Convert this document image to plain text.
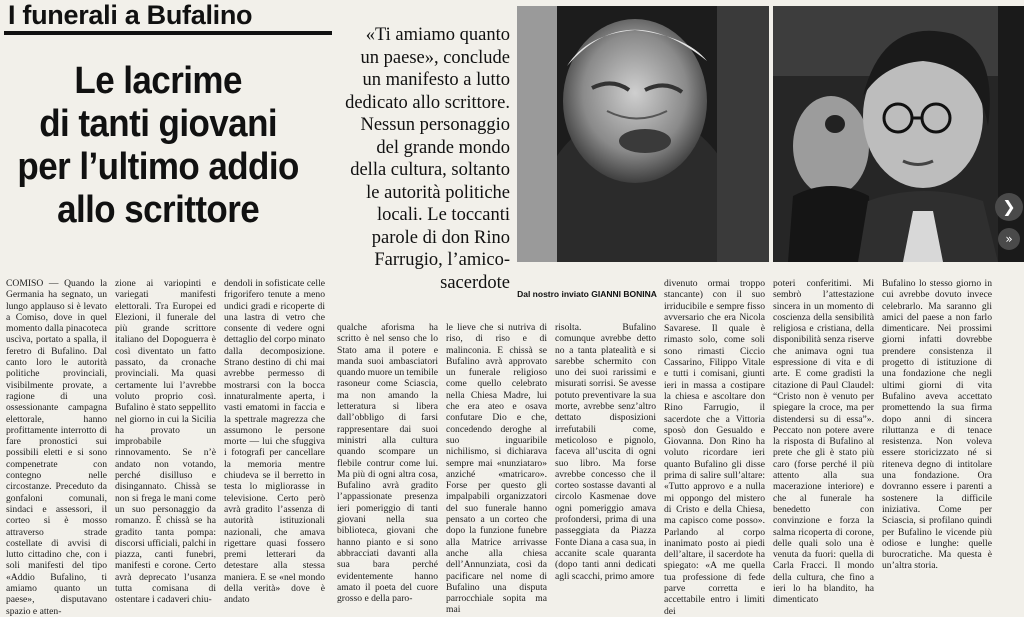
I funerali a Bufalino
Le lacrime
di tanti giovani
per l’ultimo addio
allo scrittore
«Ti amiamo quanto
un paese», conclude
un manifesto a lutto
dedicato allo scrittore.
Nessun personaggio
del grande mondo
della cultura, soltanto
le autorità politiche
locali. Le toccanti
parole di don Rino
Farrugio, l’amico-
sacerdote
Dal nostro inviato GIANNI BONINA

COMISO — Quando la Germania ha segnato, un lungo applauso si è levato a Comiso, dove in quel momento dalla pinacoteca uscìva, portato a spalla, il feretro di Bufalino. Dal canto loro le autorità politiche provinciali, visibilmente provate, a ragione di una ossessionante campagna elettorale, hanno profittamente interrotto di fare pronostici sui possibili eletti e si sono compenetrate con contegno nelle circostanze. Preceduto da gonfaloni comunali, sindaci e assessori, il corteo si è mosso attraverso strade costellate di avvisi di lutto cittadino che, con i soli manifesti del tipo «Addio Bufalino, ti amiamo quanto un paese», disputavano spazio e atten-

zione ai variopinti e variegati manifesti elettorali. Tra Europei ed Elezioni, il funerale del più grande scrittore italiano del Dopoguerra è così diventato un fatto passato, da cronache provinciali. Ma quasi certamente lui l’avrebbe voluto proprio così. Bufalino è stato seppellito nel giorno in cui la Sicilia ha provato un improbabile rinnovamento. Se n’è andato non votando, perché disilluso e disingannato. Chissà se non si frega le mani come un suo personaggio da romanzo. È chissà se ha gradito tanta pompa: discorsi ufficiali, palchi in piazza, canti funebri, manifesti e corone. Certo avrà deprecato l’usanza tutta comisana di ostentare i cadaveri chiu-

dendoli in sofisticate celle frigorifero tenute a meno undici gradi e ricoperte di una lastra di vetro che consente di vedere ogni dettaglio del corpo minato dalla decomposizione. Strano destino di chi mai avrebbe permesso di mostrarsi con la bocca innaturalmente aperta, i vasti ematomi in faccia e la spettrale magrezza che assumono le persone morte — lui che sfuggiva i fotografi per cancellare la memoria mentre chiudeva se il berretto in testa lo migliorasse in televisione. Certo però avrà gradito l’assenza di autorità istituzionali nazionali, che amava rigettare quasi fossero premi letterari da detestare alla stessa maniera. E se «nel mondo della verità» dove è andato

qualche aforisma ha scritto è nel senso che lo Stato ama il potere e manda suoi ambasciatori quando muore un temibile rasoneur come Sciascia, ma non amando la letteratura si libera dall’obbligo di farsi rappresentare dai suoi ministri alla cultura quando scompare un flebile contrur come lui. Ma più di ogni altra cosa, Bufalino avrà gradito l’appassionate presenza ieri pomeriggio di tanti giovani nella sua biblioteca, giovani che hanno pianto e si sono abbracciati davanti alla sua bara perché evidentemente hanno amato il poeta del cuore grosso e della paro-

le lieve che si nutriva di riso, di riso e di malinconia. E chissà se Bufalino avrà approvato un funerale religioso come quello celebrato nella Chiesa Madre, lui che era ateo e osava confutare Dio e che, concedendo deroghe al suo inguaribile nichilismo, si dichiarava sempre mai «nunziataro» anziché «matricaro». Forse per questo gli impalpabili organizzatori del suo funerale hanno pensato a un corteo che dopo la funzione funebre alla Matrice arrivasse anche alla chiesa dell’Annunziata, così da pacificare nel nome di Bufalino una disputa parrocchiale sopita ma mai

risolta. Bufalino comunque avrebbe detto no a tanta platealità e si sarebbe schermito con uno dei suoi rarissimi e misurati sorrisi. Se avesse potuto preventivare la sua morte, avrebbe senz’altro dettato disposizioni irrefutabili come, meticoloso e pignolo, faceva all’uscita di ogni suo libro. Ma forse avrebbe concesso che il corteo sostasse davanti al circolo Kasmenae dove ogni pomeriggio amava profondersi, prima di una passeggiata da Piazza Fonte Diana a casa sua, in accanite scale quaranta (dopo tanti anni dedicati agli scacchi, primo amore

divenuto ormai troppo stancante) con il suo irriducibile e sempre fisso avversario che era Nicola Savarese. Il quale è rimasto solo, come soli sono rimasti Ciccio Cassarino, Filippo Vitale e tutti i comisani, giunti ieri in massa a costipare la chiesa e ascoltare don Rino Farrugio, il sacerdote che a Vittoria sposò don Gesualdo e Giovanna. Don Rino ha voluto ricordare ieri quanto Bufalino gli disse prima di salire sull’altare: «Tutto approvo e a nulla mi oppongo del mistero di Cristo e della Chiesa, ma capisco come posso». Parlando al corpo inanimato posto ai piedi dell’altare, il sacerdote ha spiegato: «A me quella tua professione di fede parve corretta e accettabile entro i limiti dei

poteri conferitimi. Mi sembrò l’attestazione sincera in un momento di coscienza della sensibilità religiosa e cristiana, della disponibilità senza riserve che animava ogni tua espressione di vita e di arte. E come gradisti la citazione di Paul Claudel: “Cristo non è venuto per spiegare la croce, ma per distendersi su di essa”». Peccato non potere avere la risposta di Bufalino al prete che gli è stato più caro (forse perché il più attento alla sua macerazione interiore) e che al funerale ha benedetto con convinzione e forza la salma ricoperta di corone, delle quali solo una è venuta da fuori: quella di Carla Fracci. Il mondo della cultura, che fino a ieri lo ha blandito, ha dimenticato

Bufalino lo stesso giorno in cui avrebbe dovuto invece celebrarlo. Ma saranno gli amici del paese a non farlo dimenticare. Nei prossimi giorni infatti dovrebbe prendere consistenza il progetto di istituzione di una fondazione che negli ultimi giorni di vita Bufalino aveva accettato promettendo la sua firma dopo anni di sincera riluttanza e di tenace resistenza. Non voleva essere storicizzato né si riteneva degno di intitolare una fondazione. Ora dovranno essere i parenti a sostenere la difficile iniziativa. Come per Sciascia, si profilano quindi per Bufalino le vicende più odiose e lunghe: quelle burocratiche. Ma questa è un’altra storia.

❯
»
